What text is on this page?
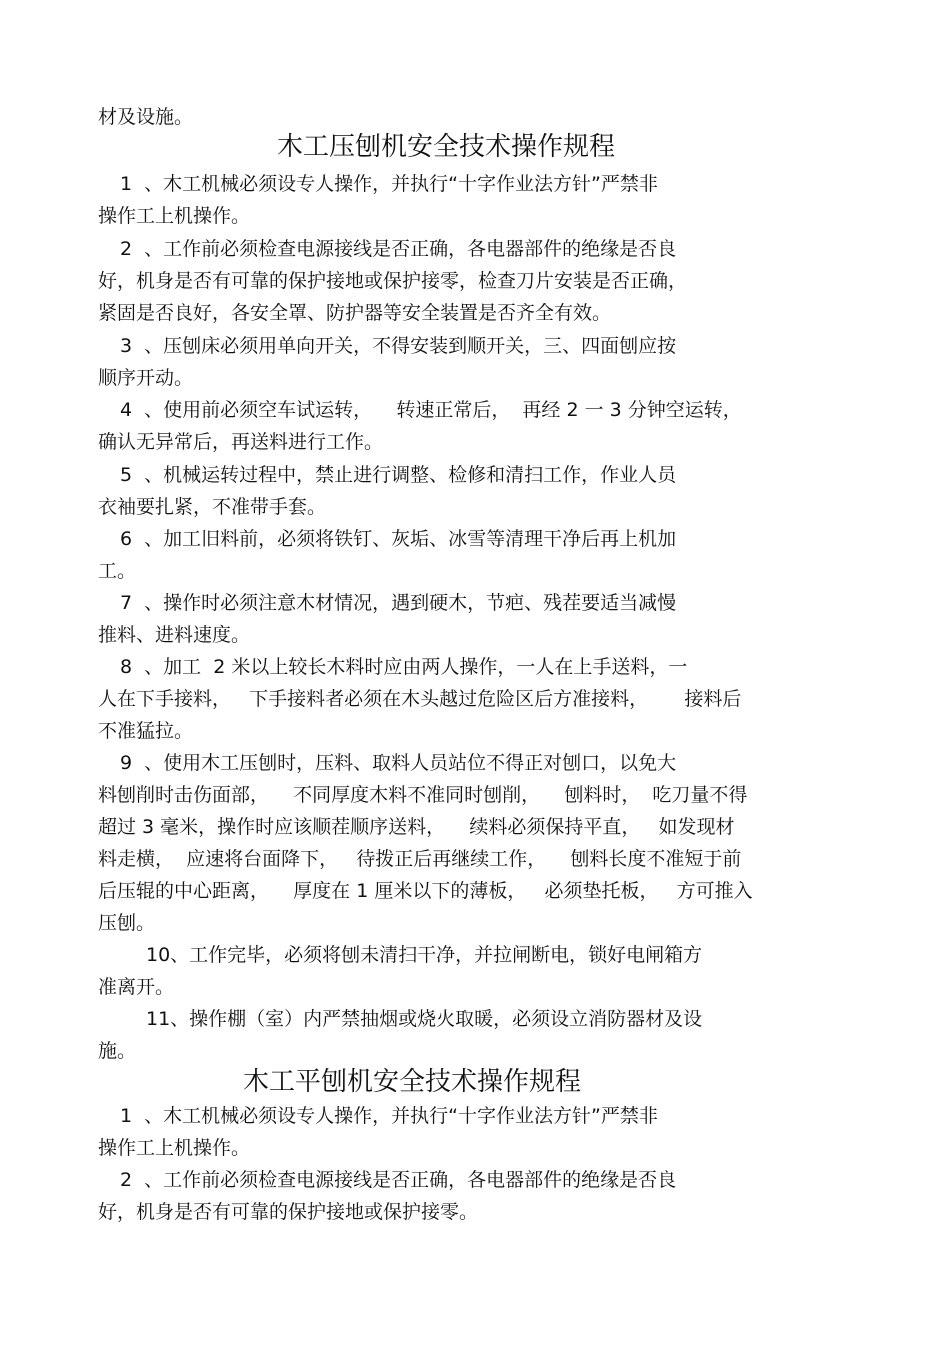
材及设施。
木工压刨机安全技术操作规程
1  、木工机械必须设专人操作，并执行“十字作业法方针”严禁非
操作工上机操作。
2  、工作前必须检查电源接线是否正确，各电器部件的绝缘是否良
好，机身是否有可靠的保护接地或保护接零，检查刀片安装是否正确，
紧固是否良好，各安全罩、防护器等安全装置是否齐全有效。
3  、压刨床必须用单向开关，不得安装到顺开关，三、四面刨应按
顺序开动。
4  、使用前必须空车试运转，    转速正常后，  再经 2 一 3 分钟空运转，
确认无异常后，再送料进行工作。
5  、机械运转过程中，禁止进行调整、检修和清扫工作，作业人员
衣袖要扎紧，不准带手套。
6  、加工旧料前，必须将铁钉、灰垢、冰雪等清理干净后再上机加
工。
7  、操作时必须注意木材情况，遇到硬木，节疤、残茬要适当减慢
推料、进料速度。
8  、加工  2 米以上较长木料时应由两人操作，一人在上手送料，一
人在下手接料，   下手接料者必须在木头越过危险区后方准接料，      接料后
不准猛拉。
9  、使用木工压刨时，压料、取料人员站位不得正对刨口，以免大
料刨削时击伤面部，    不同厚度木料不准同时刨削，    刨料时，  吃刀量不得
超过 3 毫米，操作时应该顺茬顺序送料，    续料必须保持平直，   如发现材
料走横，  应速将台面降下，   待拨正后再继续工作，    刨料长度不准短于前
后压辊的中心距离，    厚度在 1 厘米以下的薄板，   必须垫托板，   方可推入
压刨。
10、工作完毕，必须将刨未清扫干净，并拉闸断电，锁好电闸箱方
准离开。
11、操作棚（室）内严禁抽烟或烧火取暖，必须设立消防器材及设
施。
木工平刨机安全技术操作规程
1  、木工机械必须设专人操作，并执行“十字作业法方针”严禁非
操作工上机操作。
2  、工作前必须检查电源接线是否正确，各电器部件的绝缘是否良
好，机身是否有可靠的保护接地或保护接零。
